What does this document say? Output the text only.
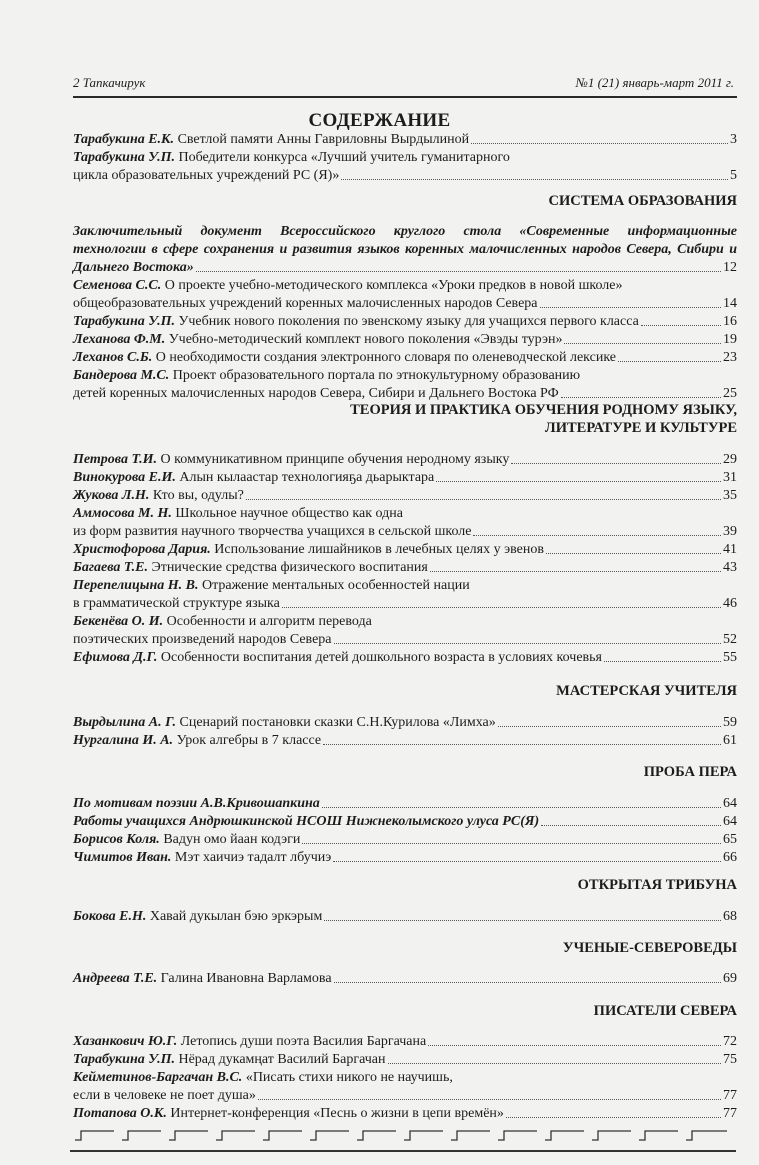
2 Тапкачирук	№1 (21) январь-март 2011 г.
СОДЕРЖАНИЕ
Тарабукина Е.К. Светлой памяти Анны Гавриловны Вырдылиной	3
Тарабукина У.П. Победители конкурса «Лучший учитель гуманитарного
цикла образовательных учреждений РС (Я)»	5
СИСТЕМА ОБРАЗОВАНИЯ
Заключительный документ Всероссийского круглого стола «Современные информационные
технологии в сфере сохранения и развития языков коренных малочисленных народов Севера, Сибири и
Дальнего Востока»	12
Семенова С.С. О проекте учебно-методического комплекса «Уроки предков в новой школе»
общеобразовательных учреждений коренных малочисленных народов Севера	14
Тарабукина У.П. Учебник нового поколения по эвенскому языку для учащихся первого класса	16
Леханова Ф.М. Учебно-методический комплект нового поколения «Эвэды турэн»	19
Леханов С.Б. О необходимости создания электронного словаря по оленеводческой лексике	23
Бандерова М.С. Проект образовательного портала по этнокультурному образованию
детей коренных малочисленных народов Севера, Сибири и Дальнего Востока РФ	25
ТЕОРИЯ И ПРАКТИКА ОБУЧЕНИЯ РОДНОМУ ЯЗЫКУ,
ЛИТЕРАТУРЕ И КУЛЬТУРЕ
Петрова Т.И. О коммуникативном принципе обучения неродному языку	29
Винокурова Е.И. Алын кылаастар технологияҕа дьарыктара	31
Жукова Л.Н. Кто вы, одулы?	35
Аммосова М. Н. Школьное научное общество как одна
из форм развития научного творчества учащихся в сельской школе	39
Христофорова Дария. Использование лишайников в лечебных целях у эвенов	41
Багаева Т.Е. Этнические средства физического воспитания	43
Перепелицына Н. В. Отражение ментальных особенностей нации
в грамматической структуре языка	46
Бекенёва О. И. Особенности и алгоритм перевода
поэтических произведений народов Севера	52
Ефимова Д.Г. Особенности воспитания детей дошкольного возраста в условиях кочевья	55
МАСТЕРСКАЯ УЧИТЕЛЯ
Вырдылина А. Г. Сценарий постановки сказки С.Н.Курилова «Лимха»	59
Нургалина И. А. Урок алгебры в 7 классе	61
ПРОБА ПЕРА
По мотивам поэзии А.В.Кривошапкина	64
Работы учащихся Андрюшкинской НСОШ Нижнеколымского улуса РС(Я)	64
Борисов Коля. Вадун омо йаан кодэги	65
Чимитов Иван. Мэт хаичиэ тадалт лбучиэ	66
ОТКРЫТАЯ ТРИБУНА
Бокова Е.Н. Хавай дукылан бэю эркэрым	68
УЧЕНЫЕ-СЕВЕРОВЕДЫ
Андреева Т.Е. Галина Ивановна Варламова	69
ПИСАТЕЛИ СЕВЕРА
Хазанкович Ю.Г. Летопись души поэта Василия Баргачана	72
Тарабукина У.П. Нёрад дукамңат Василий Баргачан	75
Кейметинов-Баргачан В.С. «Писать стихи никого не научишь,
если в человеке не поет душа»	77
Потапова О.К. Интернет-конференция «Песнь о жизни в цепи времён»	77
